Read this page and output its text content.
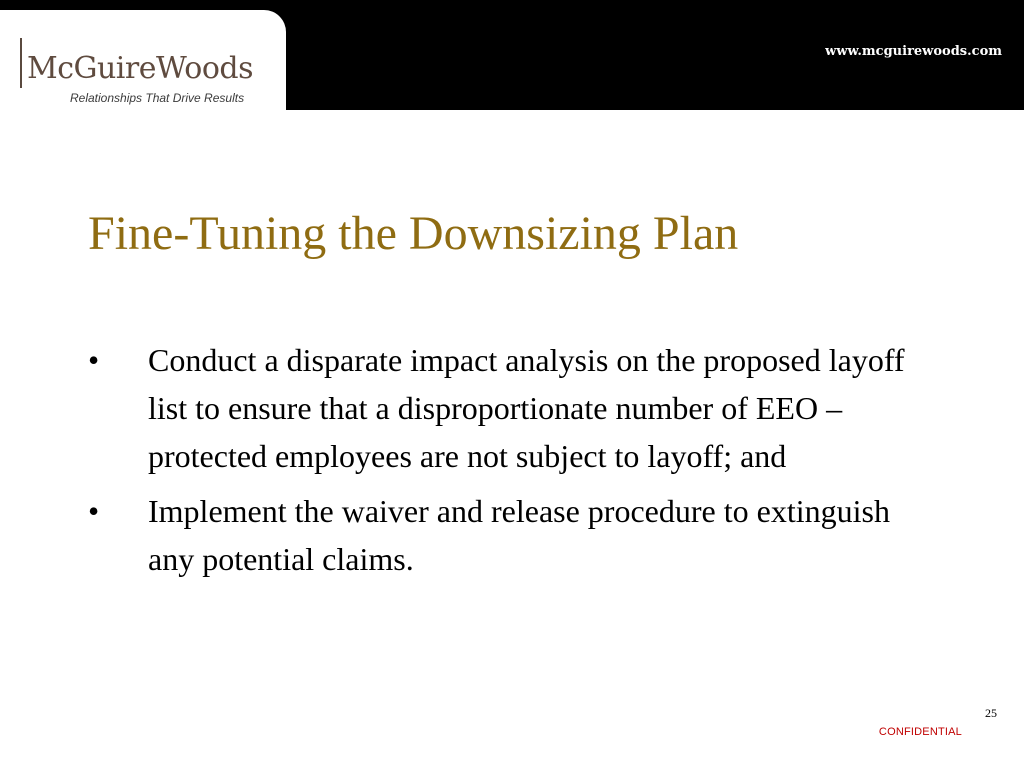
McGuireWoods
Relationships That Drive Results
www.mcguirewoods.com
Fine-Tuning the Downsizing Plan
•	Conduct a disparate impact analysis on the proposed layoff list to ensure that a disproportionate number of EEO – protected employees are not subject to layoff; and
•	Implement the waiver and release procedure to extinguish any potential claims.
25
CONFIDENTIAL
